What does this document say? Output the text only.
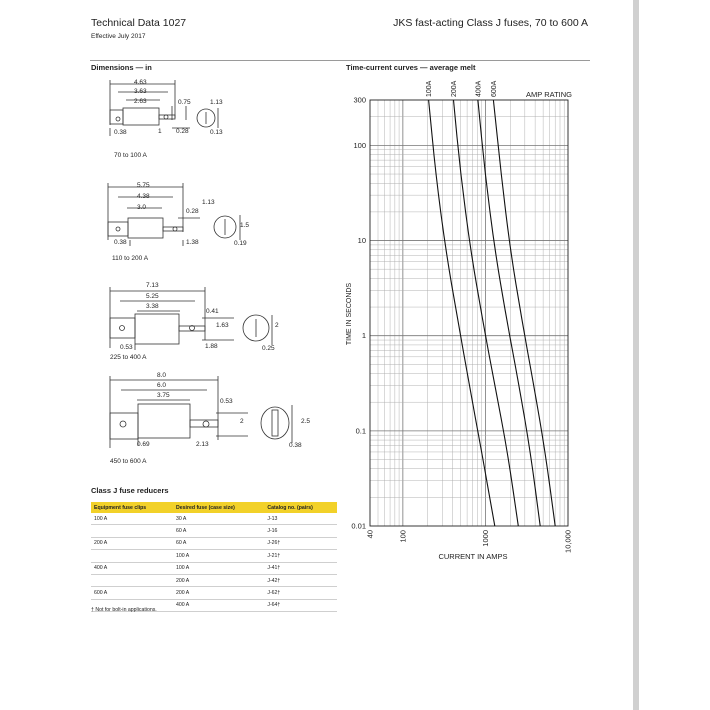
Technical Data 1027
Effective July 2017
JKS fast-acting Class J fuses, 70 to 600 A
Dimensions — in
4.63
3.63
2.63	0.75	1.13
0.38	1 0.28	0.13
70 to 100 A
5.75
4.38
3.0
0.28
1.13
1.5
0.38	1.38	0.19
110 to 200 A
7.13
5.25
3.38
0.41
1.63	2
0.53	1.88	0.25
225 to 400 A
8.0
6.0
3.75
0.53
2	2.5
0.69	2.13	0.38
450 to 600 A
Class J fuse reducers
Equipment fuse clips	Desired fuse (case size)	Catalog no. (pairs)
100 A	30 A	J-13
	60 A	J-16
200 A	60 A	J-26†
	100 A	J-21†
400 A	100 A	J-41†
	200 A	J-42†
600 A	200 A	J-62†
	400 A	J-64†
† Not for bolt-in applications.
Time-current curves — average melt
300
100
10
1
0.1
0.01
40	100	1000	10,000
100A	200A 400A 600A	AMP RATING
TIME IN SECONDS
CURRENT IN AMPS
